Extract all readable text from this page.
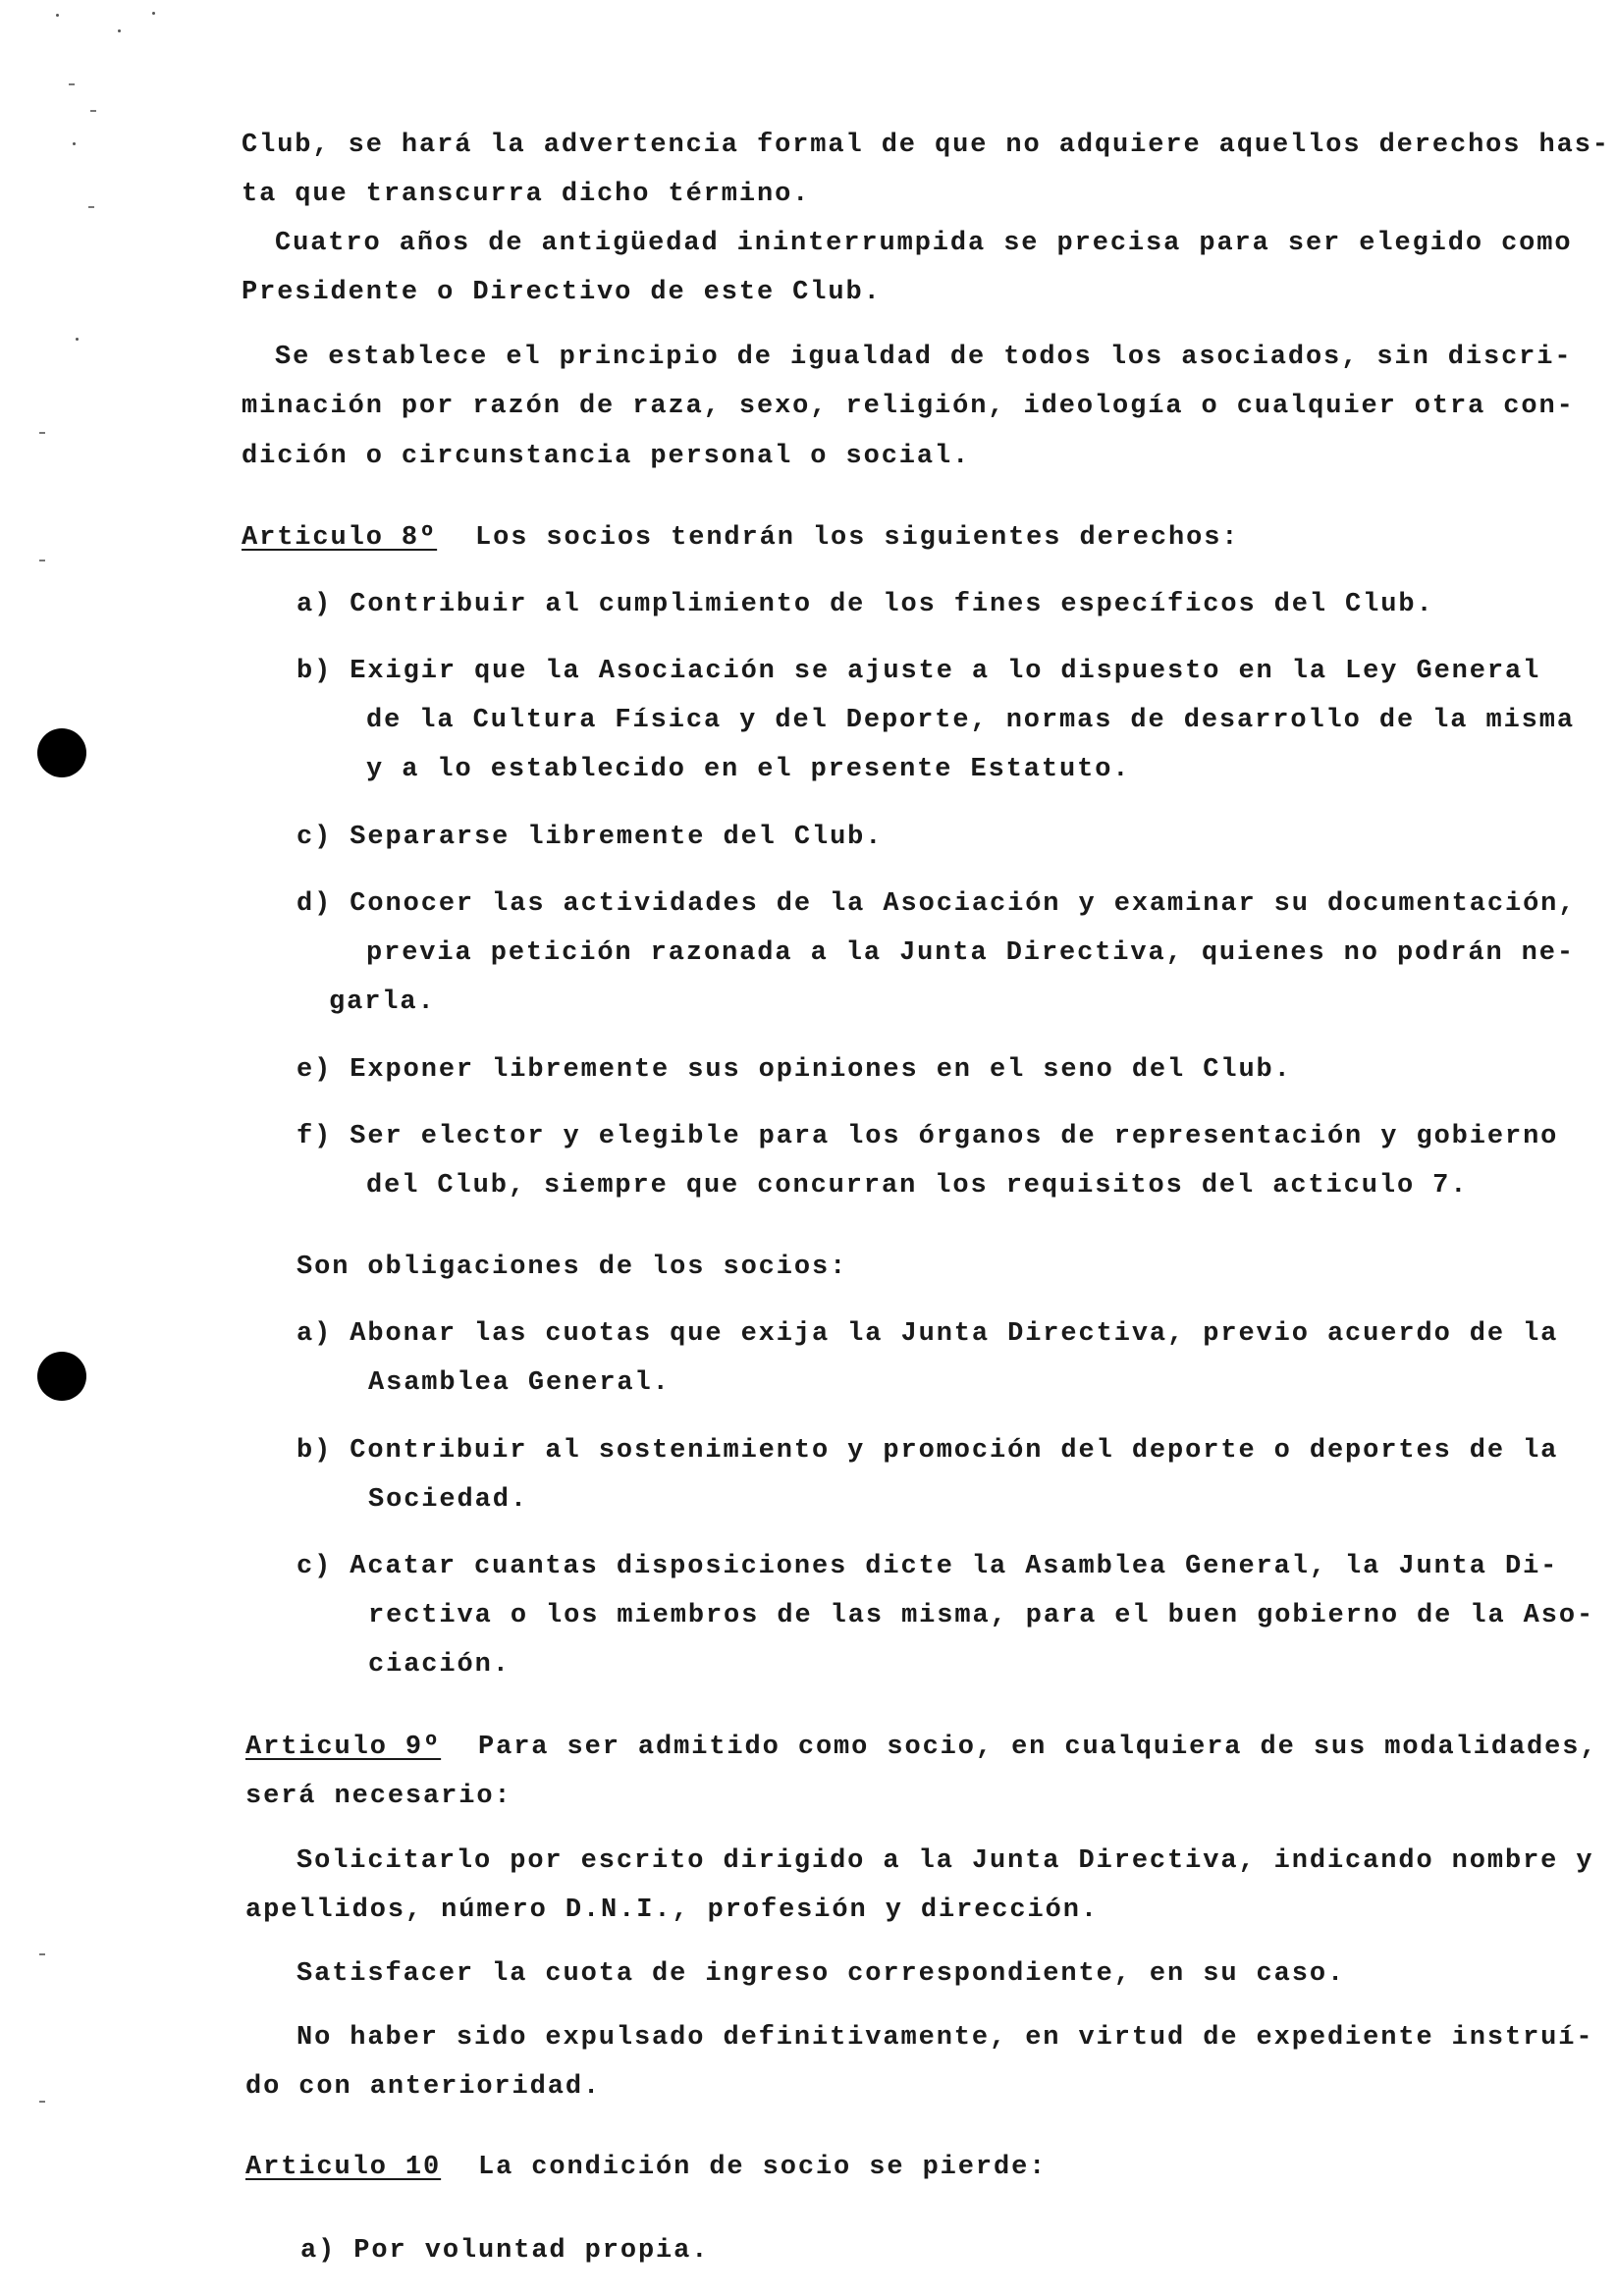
Club, se hará la advertencia formal de que no adquiere aquellos derechos has-
ta que transcurra dicho término.
Cuatro años de antigüedad ininterrumpida se precisa para ser elegido como
Presidente o Directivo de este Club.
Se establece el principio de igualdad de todos los asociados, sin discri-
minación por razón de raza, sexo, religión, ideología o cualquier otra con-
dición o circunstancia personal o social.
Articulo 8º Los socios tendrán los siguientes derechos:
a) Contribuir al cumplimiento de los fines específicos del Club.
b) Exigir que la Asociación se ajuste a lo dispuesto en la Ley General
de la Cultura Física y del Deporte, normas de desarrollo de la misma
y a lo establecido en el presente Estatuto.
c) Separarse libremente del Club.
d) Conocer las actividades de la Asociación y examinar su documentación,
previa petición razonada a la Junta Directiva, quienes no podrán ne-
garla.
e) Exponer libremente sus opiniones en el seno del Club.
f) Ser elector y elegible para los órganos de representación y gobierno
del Club, siempre que concurran los requisitos del acticulo 7.
Son obligaciones de los socios:
a) Abonar las cuotas que exija la Junta Directiva, previo acuerdo de la
Asamblea General.
b) Contribuir al sostenimiento y promoción del deporte o deportes de la
Sociedad.
c) Acatar cuantas disposiciones dicte la Asamblea General, la Junta Di-
rectiva o los miembros de las misma, para el buen gobierno de la Aso-
ciación.
Articulo 9º Para ser admitido como socio, en cualquiera de sus modalidades,
será necesario:
Solicitarlo por escrito dirigido a la Junta Directiva, indicando nombre y
apellidos, número D.N.I., profesión y dirección.
Satisfacer la cuota de ingreso correspondiente, en su caso.
No haber sido expulsado definitivamente, en virtud de expediente instruí-
do con anterioridad.
Articulo 10 La condición de socio se pierde:
a) Por voluntad propia.
